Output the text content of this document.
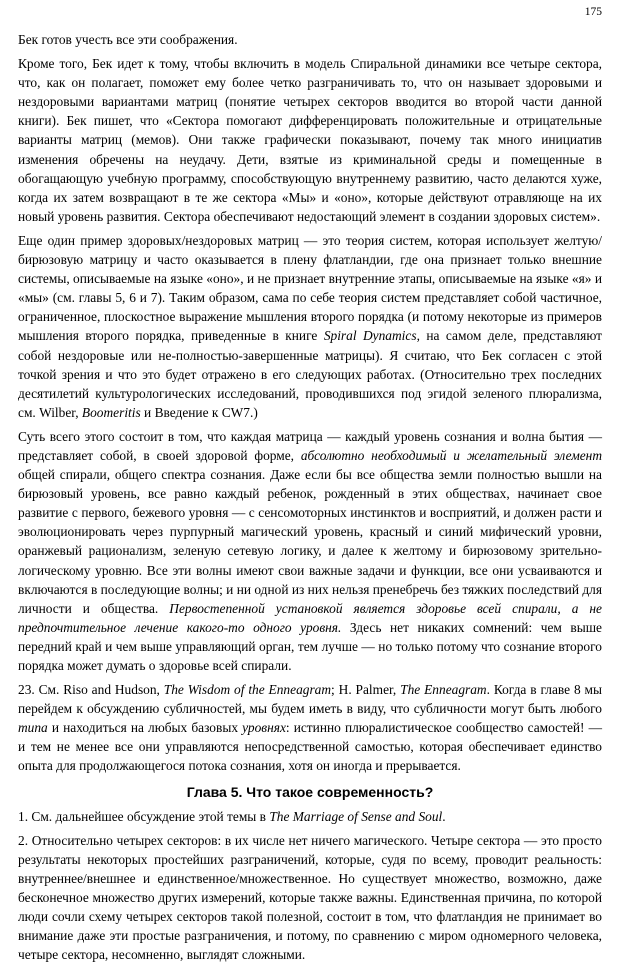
175

Бек готов учесть все эти соображения.

Кроме того, Бек идет к тому, чтобы включить в модель Спиральной динамики все четыре сектора, что, как он полагает, поможет ему более четко разграничивать то, что он называет здоровыми и нездоровыми вариантами матриц (понятие четырех секторов вводится во второй части данной книги). Бек пишет, что «Сектора помогают дифференцировать положительные и отрицательные варианты матриц (мемов). Они также графически показывают, почему так много инициатив изменения обречены на неудачу. Дети, взятые из криминальной среды и помещенные в обогащающую учебную программу, способствующую внутреннему развитию, часто делаются хуже, когда их затем возвращают в те же сектора «Мы» и «оно», которые действуют отравляюще на их новый уровень развития. Сектора обеспечивают недостающий элемент в создании здоровых систем».

Еще один пример здоровых/нездоровых матриц — это теория систем, которая использует желтую/бирюзовую матрицу и часто оказывается в плену флатландии, где она признает только внешние системы, описываемые на языке «оно», и не признает внутренние этапы, описываемые на языке «я» и «мы» (см. главы 5, 6 и 7). Таким образом, сама по себе теория систем представляет собой частичное, ограниченное, плоскостное выражение мышления второго порядка (и потому некоторые из примеров мышления второго порядка, приведенные в книге Spiral Dynamics, на самом деле, представляют собой нездоровые или не-полностью-завершенные матрицы). Я считаю, что Бек согласен с этой точкой зрения и что это будет отражено в его следующих работах. (Относительно трех последних десятилетий культурологических исследований, проводившихся под эгидой зеленого плюрализма, см. Wilber, Boomeritis и Введение к CW7.)

Суть всего этого состоит в том, что каждая матрица — каждый уровень сознания и волна бытия — представляет собой, в своей здоровой форме, абсолютно необходимый и желательный элемент общей спирали, общего спектра сознания. Даже если бы все общества земли полностью вышли на бирюзовый уровень, все равно каждый ребенок, рожденный в этих обществах, начинает свое развитие с первого, бежевого уровня — с сенсомоторных инстинктов и восприятий, и должен расти и эволюционировать через пурпурный магический уровень, красный и синий мифический уровни, оранжевый рационализм, зеленую сетевую логику, и далее к желтому и бирюзовому зрительно-логическому уровню. Все эти волны имеют свои важные задачи и функции, все они усваиваются и включаются в последующие волны; и ни одной из них нельзя пренебречь без тяжких последствий для личности и общества. Первостепенной установкой является здоровье всей спирали, а не предпочтительное лечение какого-то одного уровня. Здесь нет никаких сомнений: чем выше передний край и чем выше управляющий орган, тем лучше — но только потому что сознание второго порядка может думать о здоровье всей спирали.

23. См. Riso and Hudson, The Wisdom of the Enneagram; H. Palmer, The Enneagram. Когда в главе 8 мы перейдем к обсуждению субличностей, мы будем иметь в виду, что субличности могут быть любого типа и находиться на любых базовых уровнях: истинно плюралистическое сообщество самостей! — и тем не менее все они управляются непосредственной самостью, которая обеспечивает единство опыта для продолжающегося потока сознания, хотя он иногда и прерывается.

Глава 5. Что такое современность?

1. См. дальнейшее обсуждение этой темы в The Marriage of Sense and Soul.

2. Относительно четырех секторов: в их числе нет ничего магического. Четыре сектора — это просто результаты некоторых простейших разграничений, которые, судя по всему, проводит реальность: внутреннее/внешнее и единственное/множественное. Но существует множество, возможно, даже бесконечное множество других измерений, которые также важны. Единственная причина, по которой люди сочли схему четырех секторов такой полезной, состоит в том, что флатландия не принимает во внимание даже эти простые разграничения, и потому, по сравнению с миром одномерного человека, четыре сектора, несомненно, выглядят сложными.
